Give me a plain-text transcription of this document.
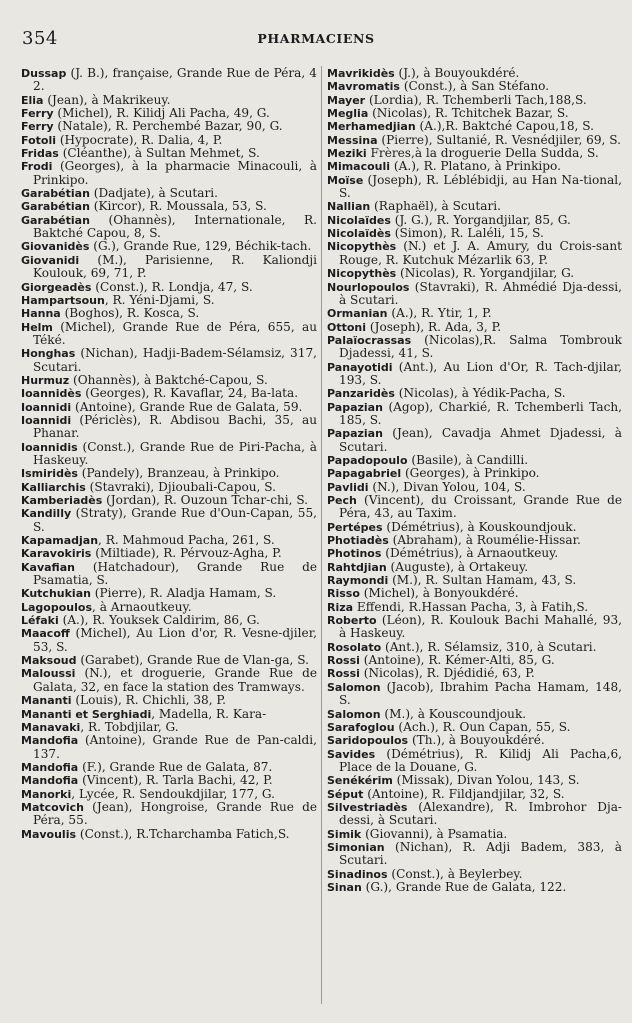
354	PHARMACIENS
Dussap (J. B.), française, Grande Rue de Péra, 4 2.
Elia (Jean), à Makrikeuy.
Ferry (Michel), R. Kilidj Ali Pacha, 49, G.
Ferry (Natale), R. Perchembé Bazar, 90, G.
Fotoli (Hypocrate), R. Dalia, 4, P.
Fridas (Cléanthe), à Sultan Mehmet, S.
Frodi (Georges), à la pharmacie Minacouli, à Prinkipo.
Garabétian (Dadjate), à Scutari.
Garabétian (Kircor), R. Moussala, 53, S.
Garabétian (Ohannès), Internationale, R. Baktché Capou, 8, S.
Giovanidès (G.), Grande Rue, 129, Béchik-tach.
Giovanidi (M.), Parisienne, R. Kaliondji Koulouk, 69, 71, P.
Giorgeadès (Const.), R. Londja, 47, S.
Hampartsoun, R. Yéni-Djami, S.
Hanna (Boghos), R. Kosca, S.
Helm (Michel), Grande Rue de Péra, 655, au Téké.
Honghas (Nichan), Hadji-Badem-Sélamsiz, 317, Scutari.
Hurmuz (Ohannès), à Baktché-Capou, S.
Ioannidès (Georges), R. Kavaflar, 24, Ba-lata.
Ioannidi (Antoine), Grande Rue de Galata, 59.
Ioannidi (Périclès), R. Abdisou Bachi, 35, au Phanar.
Ioannidis (Const.), Grande Rue de Piri-Pacha, à Haskeuy.
Ismiridès (Pandely), Branzeau, à Prinkipo.
Kalliarchis (Stavraki), Djioubali-Capou, S.
Kamberiadès (Jordan), R. Ouzoun Tchar-chi, S.
Kandilly (Straty), Grande Rue d'Oun-Capan, 55, S.
Kapamadjan, R. Mahmoud Pacha, 261, S.
Karavokiris (Miltiade), R. Pérvouz-Agha, P.
Kavafian (Hatchadour), Grande Rue de Psamatia, S.
Kutchukian (Pierre), R. Aladja Hamam, S.
Lagopoulos, à Arnaoutkeuy.
Léfaki (A.), R. Youksek Caldirim, 86, G.
Maacoff (Michel), Au Lion d'or, R. Vesne-djiler, 53, S.
Maksoud (Garabet), Grande Rue de Vlan-ga, S.
Maloussi (N.), et droguerie, Grande Rue de Galata, 32, en face la station des Tramways.
Mananti (Louis), R. Chichli, 38, P.
Mananti et Serghiadi, Madella, R. Kara-
Manavaki, R. Tobdjilar, G.
Mandofia (Antoine), Grande Rue de Pan-caldi, 137.
Mandofia (F.), Grande Rue de Galata, 87.
Mandofia (Vincent), R. Tarla Bachi, 42, P.
Manorki, Lycée, R. Sendoukdjilar, 177, G.
Matcovich (Jean), Hongroise, Grande Rue de Péra, 55.
Mavoulis (Const.), R.Tcharchamba Fatich,S.
Mavrikidès (J.), à Bouyoukdéré.
Mavromatis (Const.), à San Stéfano.
Mayer (Lordia), R. Tchemberli Tach,188,S.
Meglia (Nicolas), R. Tchitchek Bazar, S.
Merhamedjian (A.),R. Baktché Capou,18, S.
Messina (Pierre), Sultanié, R. Vesnédjiler, 69, S.
Meziki Frères,à la droguerie Della Sudda, S.
Mimacouli (A.), R. Platano, à Prinkipo.
Moïse (Joseph), R. Léblébidji, au Han Na-tional, S.
Nallian (Raphaël), à Scutari.
Nicolaïdes (J. G.), R. Yorgandjilar, 85, G.
Nicolaïdès (Simon), R. Laléli, 15, S.
Nicopythès (N.) et J. A. Amury, du Crois-sant Rouge, R. Kutchuk Mézarlik 63, P.
Nicopythès (Nicolas), R. Yorgandjilar, G.
Nourlopoulos (Stavraki), R. Ahmédié Dja-dessi, à Scutari.
Ormanian (A.), R. Ytir, 1, P.
Ottoni (Joseph), R. Ada, 3, P.
Palaïocrassas (Nicolas),R. Salma Tombrouk Djadessi, 41, S.
Panayotidi (Ant.), Au Lion d'Or, R. Tach-djilar, 193, S.
Panzaridès (Nicolas), à Yédik-Pacha, S.
Papazian (Agop), Charkié, R. Tchemberli Tach, 185, S.
Papazian (Jean), Cavadja Ahmet Djadessi, à Scutari.
Papadopoulo (Basile), à Candilli.
Papagabriel (Georges), à Prinkipo.
Pavlidi (N.), Divan Yolou, 104, S.
Pech (Vincent), du Croissant, Grande Rue de Péra, 43, au Taxim.
Pertépes (Démétrius), à Kouskoundjouk.
Photiadès (Abraham), à Roumélie-Hissar.
Photinos (Démétrius), à Arnaoutkeuy.
Rahtdjian (Auguste), à Ortakeuy.
Raymondi (M.), R. Sultan Hamam, 43, S.
Risso (Michel), à Bonyoukdéré.
Riza Effendi, R.Hassan Pacha, 3, à Fatih,S.
Roberto (Léon), R. Koulouk Bachi Mahallé, 93, à Haskeuy.
Rosolato (Ant.), R. Sélamsiz, 310, à Scutari.
Rossi (Antoine), R. Kémer-Alti, 85, G.
Rossi (Nicolas), R. Djédidié, 63, P.
Salomon (Jacob), Ibrahim Pacha Hamam, 148, S.
Salomon (M.), à Kouscoundjouk.
Sarafoglou (Ach.), R. Oun Capan, 55, S.
Saridopoulos (Th.), à Bouyoukdéré.
Savides (Démétrius), R. Kilidj Ali Pacha,6, Place de la Douane, G.
Senékérim (Missak), Divan Yolou, 143, S.
Séput (Antoine), R. Fildjandjilar, 32, S.
Silvestriadès (Alexandre), R. Imbrohor Dja-dessi, à Scutari.
Simik (Giovanni), à Psamatia.
Simonian (Nichan), R. Adji Badem, 383, à Scutari.
Sinadinos (Const.), à Beylerbey.
Sinan (G.), Grande Rue de Galata, 122.
